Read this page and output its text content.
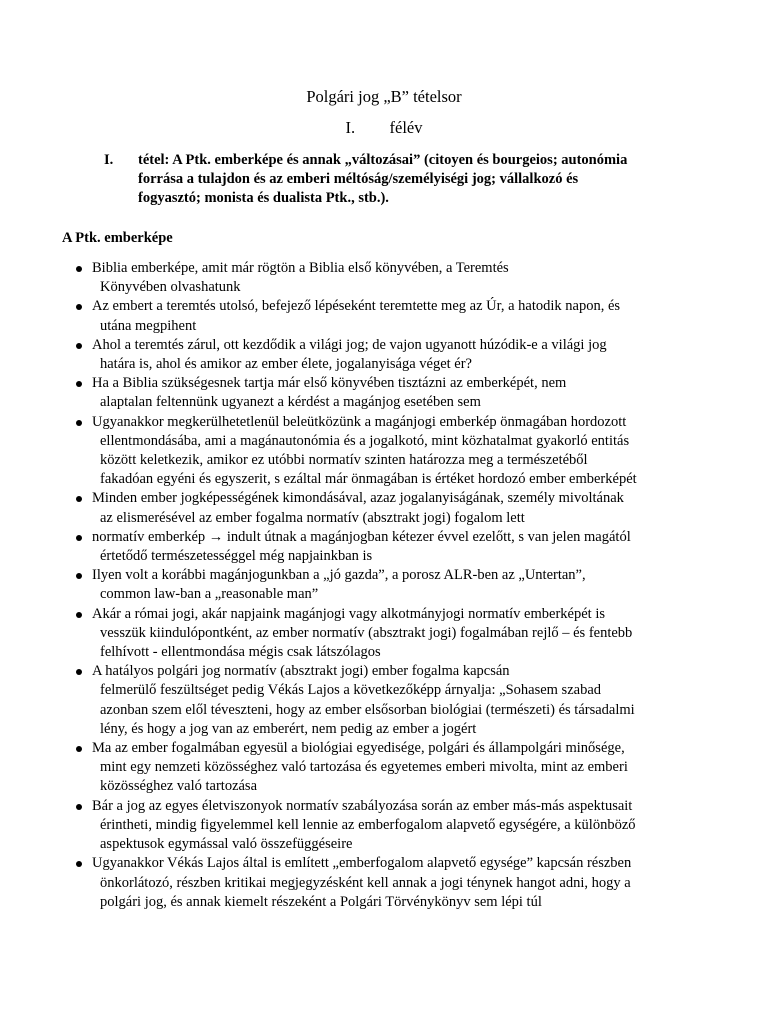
Polgári jog „B” tételsor
I. félév
I. tétel: A Ptk. emberképe és annak „változásai” (citoyen és bourgeios; autonómia
forrása a tulajdon és az emberi méltóság/személyiségi jog; vállalkozó és
fogyasztó; monista és dualista Ptk., stb.).
A Ptk. emberképe
Biblia emberképe, amit már rögtön a Biblia első könyvében, a Teremtés
Könyvében olvashatunk
Az embert a teremtés utolsó, befejező lépéseként teremtette meg az Úr, a hatodik napon, és
utána megpihent
Ahol a teremtés zárul, ott kezdődik a világi jog; de vajon ugyanott húzódik-e a világi jog
határa is, ahol és amikor az ember élete, jogalanyisága véget ér?
Ha a Biblia szükségesnek tartja már első könyvében tisztázni az emberképét, nem
alaptalan feltennünk ugyanezt a kérdést a magánjog esetében sem
Ugyanakkor megkerülhetetlenül beleütközünk a magánjogi emberkép önmagában hordozott
ellentmondásába, ami a magánautonómia és a jogalkotó, mint közhatalmat gyakorló entitás
között keletkezik, amikor ez utóbbi normatív szinten határozza meg a természetéből
fakadóan egyéni és egyszerit, s ezáltal már önmagában is értéket hordozó ember emberképét
Minden ember jogképességének kimondásával, azaz jogalanyiságának, személy mivoltának
az elismerésével az ember fogalma normatív (absztrakt jogi) fogalom lett
normatív emberkép → indult útnak a magánjogban kétezer évvel ezelőtt, s van jelen magától
értetődő természetességgel még napjainkban is
Ilyen volt a korábbi magánjogunkban a „jó gazda”, a porosz ALR-ben az „Untertan”,
common law-ban a „reasonable man”
Akár a római jogi, akár napjaink magánjogi vagy alkotmányjogi normatív emberképét is
vesszük kiindulópontként, az ember normatív (absztrakt jogi) fogalmában rejlő – és fentebb
felhívott - ellentmondása mégis csak látszólagos
A hatályos polgári jog normatív (absztrakt jogi) ember fogalma kapcsán
felmerülő feszültséget pedig Vékás Lajos a következőképp árnyalja: „Sohasem szabad
azonban szem elől téveszteni, hogy az ember elsősorban biológiai (természeti) és társadalmi
lény, és hogy a jog van az emberért, nem pedig az ember a jogért
Ma az ember fogalmában egyesül a biológiai egyedisége, polgári és állampolgári minősége,
mint egy nemzeti közösséghez való tartozása és egyetemes emberi mivolta, mint az emberi
közösséghez való tartozása
Bár a jog az egyes életviszonyok normatív szabályozása során az ember más-más aspektusait
érintheti, mindig figyelemmel kell lennie az emberfogalom alapvető egységére, a különböző
aspektusok egymással való összefüggéseire
Ugyanakkor Vékás Lajos által is említett „emberfogalom alapvető egysége” kapcsán részben
önkorlátozó, részben kritikai megjegyzésként kell annak a jogi ténynek hangot adni, hogy a
polgári jog, és annak kiemelt részeként a Polgári Törvénykönyv sem lépi túl
